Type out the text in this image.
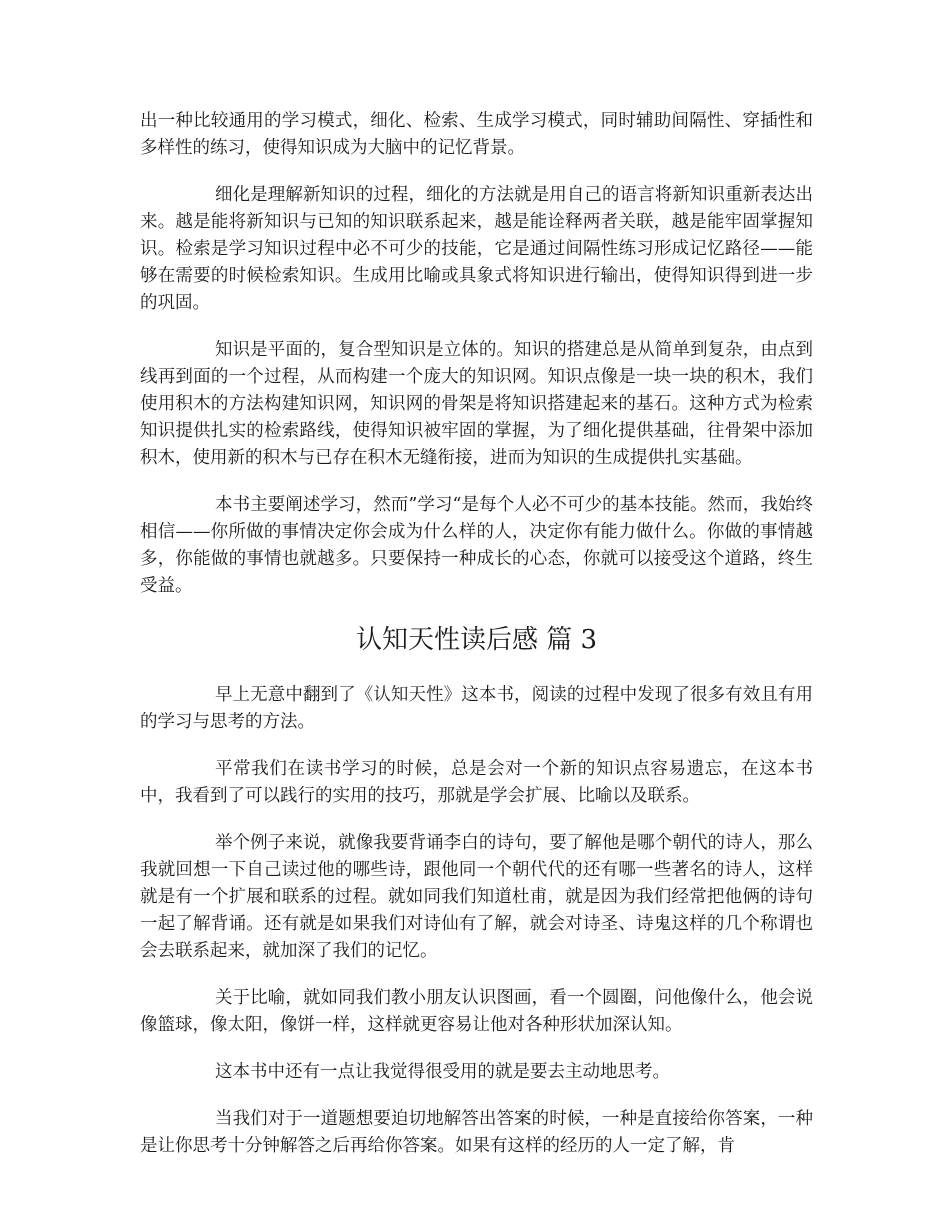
出一种比较通用的学习模式，细化、检索、生成学习模式，同时辅助间隔性、穿插性和多样性的练习，使得知识成为大脑中的记忆背景。

细化是理解新知识的过程，细化的方法就是用自己的语言将新知识重新表达出来。越是能将新知识与已知的知识联系起来，越是能诠释两者关联，越是能牢固掌握知识。检索是学习知识过程中必不可少的技能，它是通过间隔性练习形成记忆路径——能够在需要的时候检索知识。生成用比喻或具象式将知识进行输出，使得知识得到进一步的巩固。

知识是平面的，复合型知识是立体的。知识的搭建总是从简单到复杂，由点到线再到面的一个过程，从而构建一个庞大的知识网。知识点像是一块一块的积木，我们使用积木的方法构建知识网，知识网的骨架是将知识搭建起来的基石。这种方式为检索知识提供扎实的检索路线，使得知识被牢固的掌握，为了细化提供基础，往骨架中添加积木，使用新的积木与已存在积木无缝衔接，进而为知识的生成提供扎实基础。

本书主要阐述学习，然而”学习“是每个人必不可少的基本技能。然而，我始终相信——你所做的事情决定你会成为什么样的人，决定你有能力做什么。你做的事情越多，你能做的事情也就越多。只要保持一种成长的心态，你就可以接受这个道路，终生受益。

认知天性读后感 篇 3

早上无意中翻到了《认知天性》这本书，阅读的过程中发现了很多有效且有用的学习与思考的方法。

平常我们在读书学习的时候，总是会对一个新的知识点容易遗忘，在这本书中，我看到了可以践行的实用的技巧，那就是学会扩展、比喻以及联系。

举个例子来说，就像我要背诵李白的诗句，要了解他是哪个朝代的诗人，那么我就回想一下自己读过他的哪些诗，跟他同一个朝代代的还有哪一些著名的诗人，这样就是有一个扩展和联系的过程。就如同我们知道杜甫，就是因为我们经常把他俩的诗句一起了解背诵。还有就是如果我们对诗仙有了解，就会对诗圣、诗鬼这样的几个称谓也会去联系起来，就加深了我们的记忆。

关于比喻，就如同我们教小朋友认识图画，看一个圆圈，问他像什么，他会说像篮球，像太阳，像饼一样，这样就更容易让他对各种形状加深认知。

这本书中还有一点让我觉得很受用的就是要去主动地思考。

当我们对于一道题想要迫切地解答出答案的时候，一种是直接给你答案，一种是让你思考十分钟解答之后再给你答案。如果有这样的经历的人一定了解，肯
